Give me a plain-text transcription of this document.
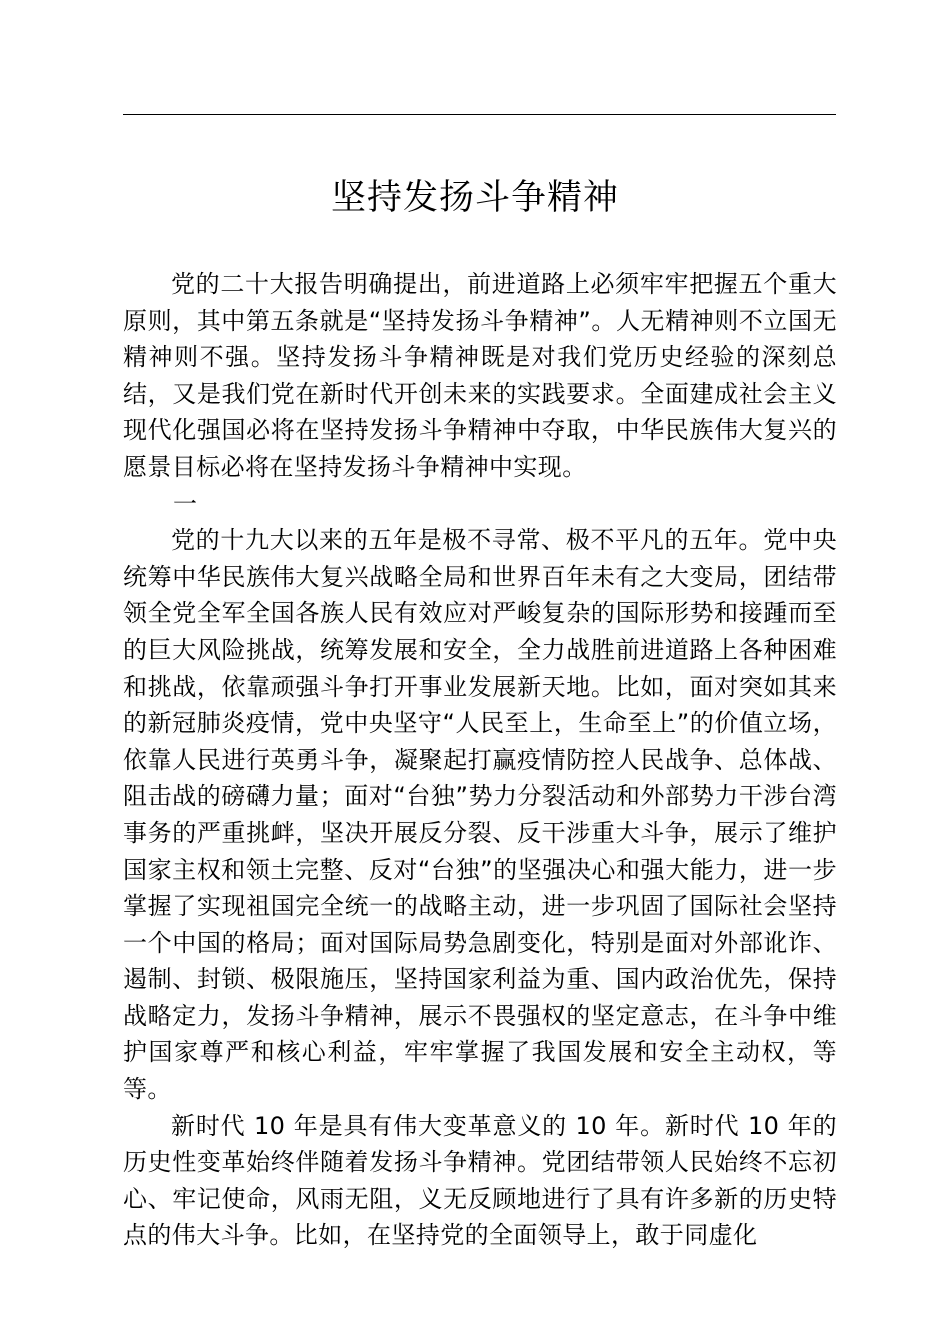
坚持发扬斗争精神

党的二十大报告明确提出，前进道路上必须牢牢把握五个重大原则，其中第五条就是“坚持发扬斗争精神”。人无精神则不立国无精神则不强。坚持发扬斗争精神既是对我们党历史经验的深刻总结，又是我们党在新时代开创未来的实践要求。全面建成社会主义现代化强国必将在坚持发扬斗争精神中夺取，中华民族伟大复兴的愿景目标必将在坚持发扬斗争精神中实现。

一

党的十九大以来的五年是极不寻常、极不平凡的五年。党中央统筹中华民族伟大复兴战略全局和世界百年未有之大变局，团结带领全党全军全国各族人民有效应对严峻复杂的国际形势和接踵而至的巨大风险挑战，统筹发展和安全，全力战胜前进道路上各种困难和挑战，依靠顽强斗争打开事业发展新天地。比如，面对突如其来的新冠肺炎疫情，党中央坚守“人民至上，生命至上”的价值立场，依靠人民进行英勇斗争，凝聚起打赢疫情防控人民战争、总体战、阻击战的磅礴力量；面对“台独”势力分裂活动和外部势力干涉台湾事务的严重挑衅，坚决开展反分裂、反干涉重大斗争，展示了维护国家主权和领土完整、反对“台独”的坚强决心和强大能力，进一步掌握了实现祖国完全统一的战略主动，进一步巩固了国际社会坚持一个中国的格局；面对国际局势急剧变化，特别是面对外部讹诈、遏制、封锁、极限施压，坚持国家利益为重、国内政治优先，保持战略定力，发扬斗争精神，展示不畏强权的坚定意志，在斗争中维护国家尊严和核心利益，牢牢掌握了我国发展和安全主动权，等等。

新时代 10 年是具有伟大变革意义的 10 年。新时代 10 年的历史性变革始终伴随着发扬斗争精神。党团结带领人民始终不忘初心、牢记使命，风雨无阻，义无反顾地进行了具有许多新的历史特点的伟大斗争。比如，在坚持党的全面领导上，敢于同虚化
